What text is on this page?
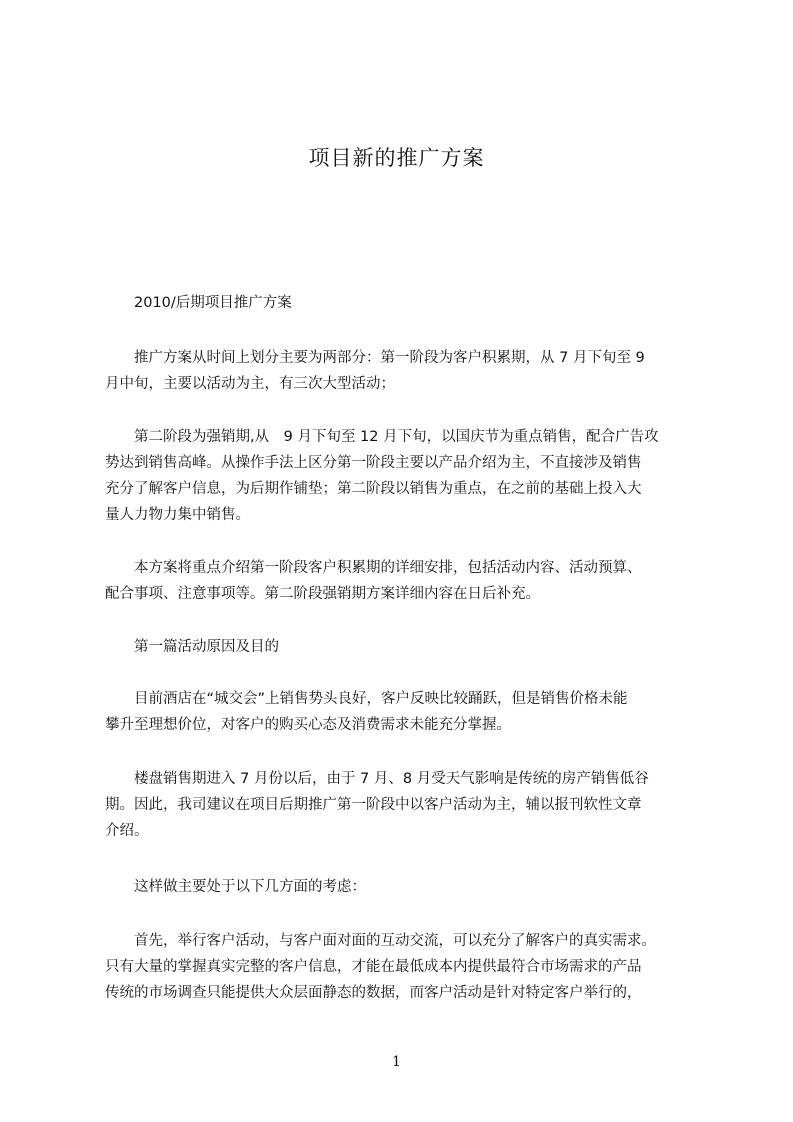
项目新的推广方案
　　2010/后期项目推广方案
　　推广方案从时间上划分主要为两部分：第一阶段为客户积累期，从 7 月下旬至 9
月中旬，主要以活动为主，有三次大型活动；
　　第二阶段为强销期,从　9 月下旬至 12 月下旬，以国庆节为重点销售，配合广告攻
势达到销售高峰。从操作手法上区分第一阶段主要以产品介绍为主，不直接涉及销售
充分了解客户信息，为后期作铺垫；第二阶段以销售为重点，在之前的基础上投入大
量人力物力集中销售。
　　本方案将重点介绍第一阶段客户积累期的详细安排，包括活动内容、活动预算、
配合事项、注意事项等。第二阶段强销期方案详细内容在日后补充。
　　第一篇活动原因及目的
　　目前酒店在“城交会”上销售势头良好，客户反映比较踊跃，但是销售价格未能
攀升至理想价位，对客户的购买心态及消费需求未能充分掌握。
　　楼盘销售期进入 7 月份以后，由于 7 月、8 月受天气影响是传统的房产销售低谷
期。因此，我司建议在项目后期推广第一阶段中以客户活动为主，辅以报刊软性文章
介绍。
　　这样做主要处于以下几方面的考虑：
　　首先，举行客户活动，与客户面对面的互动交流，可以充分了解客户的真实需求。
只有大量的掌握真实完整的客户信息，才能在最低成本内提供最符合市场需求的产品
传统的市场调查只能提供大众层面静态的数据，而客户活动是针对特定客户举行的，
1
